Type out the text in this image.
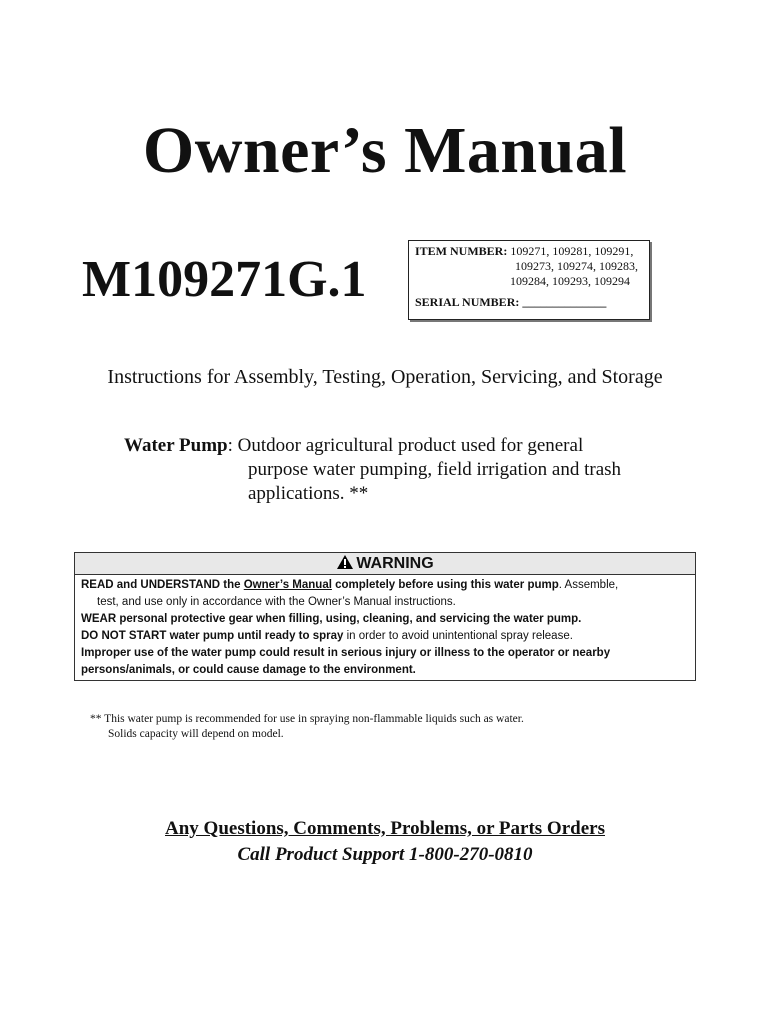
Owner’s Manual
M109271G.1	ITEM NUMBER: 109271, 109281, 109291,
109273, 109274, 109283,
109284, 109293, 109294
SERIAL NUMBER: ______________

Instructions for Assembly, Testing, Operation, Servicing, and Storage

Water Pump: Outdoor agricultural product used for general
purpose water pumping, field irrigation and trash
applications. **
WARNING

READ and UNDERSTAND the Owner’s Manual completely before using this water pump. Assemble,

test, and use only in accordance with the Owner’s Manual instructions.

WEAR personal protective gear when filling, using, cleaning, and servicing the water pump.

DO NOT START water pump until ready to spray in order to avoid unintentional spray release.

Improper use of the water pump could result in serious injury or illness to the operator or nearby

persons/animals, or could cause damage to the environment.

** This water pump is recommended for use in spraying non-flammable liquids such as water.
Solids capacity will depend on model.
Any Questions, Comments, Problems, or Parts Orders
Call Product Support 1-800-270-0810
